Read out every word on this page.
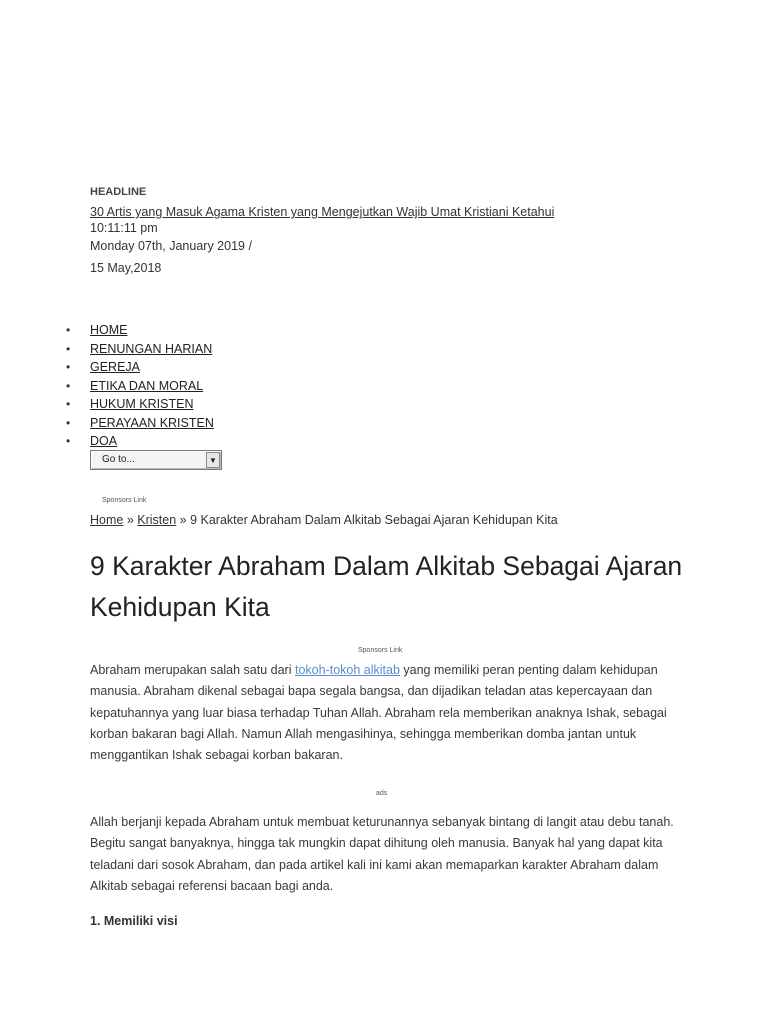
HEADLINE
30 Artis yang Masuk Agama Kristen yang Mengejutkan Wajib Umat Kristiani Ketahui
10:11:11 pm
Monday 07th, January 2019 /
15 May,2018
• HOME
• RENUNGAN HARIAN
• GEREJA
• ETIKA DAN MORAL
• HUKUM KRISTEN
• PERAYAAN KRISTEN
• DOA
Go to...	▼
Sponsors Link
Home » Kristen » 9 Karakter Abraham Dalam Alkitab Sebagai Ajaran Kehidupan Kita
9 Karakter Abraham Dalam Alkitab Sebagai Ajaran Kehidupan Kita
Sponsors Link

Abraham merupakan salah satu dari tokoh-tokoh alkitab yang memiliki peran penting dalam kehidupan manusia. Abraham dikenal sebagai bapa segala bangsa, dan dijadikan teladan atas kepercayaan dan kepatuhannya yang luar biasa terhadap Tuhan Allah. Abraham rela memberikan anaknya Ishak, sebagai korban bakaran bagi Allah. Namun Allah mengasihinya, sehingga memberikan domba jantan untuk menggantikan Ishak sebagai korban bakaran.

ads

Allah berjanji kepada Abraham untuk membuat keturunannya sebanyak bintang di langit atau debu tanah. Begitu sangat banyaknya, hingga tak mungkin dapat dihitung oleh manusia. Banyak hal yang dapat kita teladani dari sosok Abraham, dan pada artikel kali ini kami akan memaparkan karakter Abraham dalam Alkitab sebagai referensi bacaan bagi anda.

1. Memiliki visi
